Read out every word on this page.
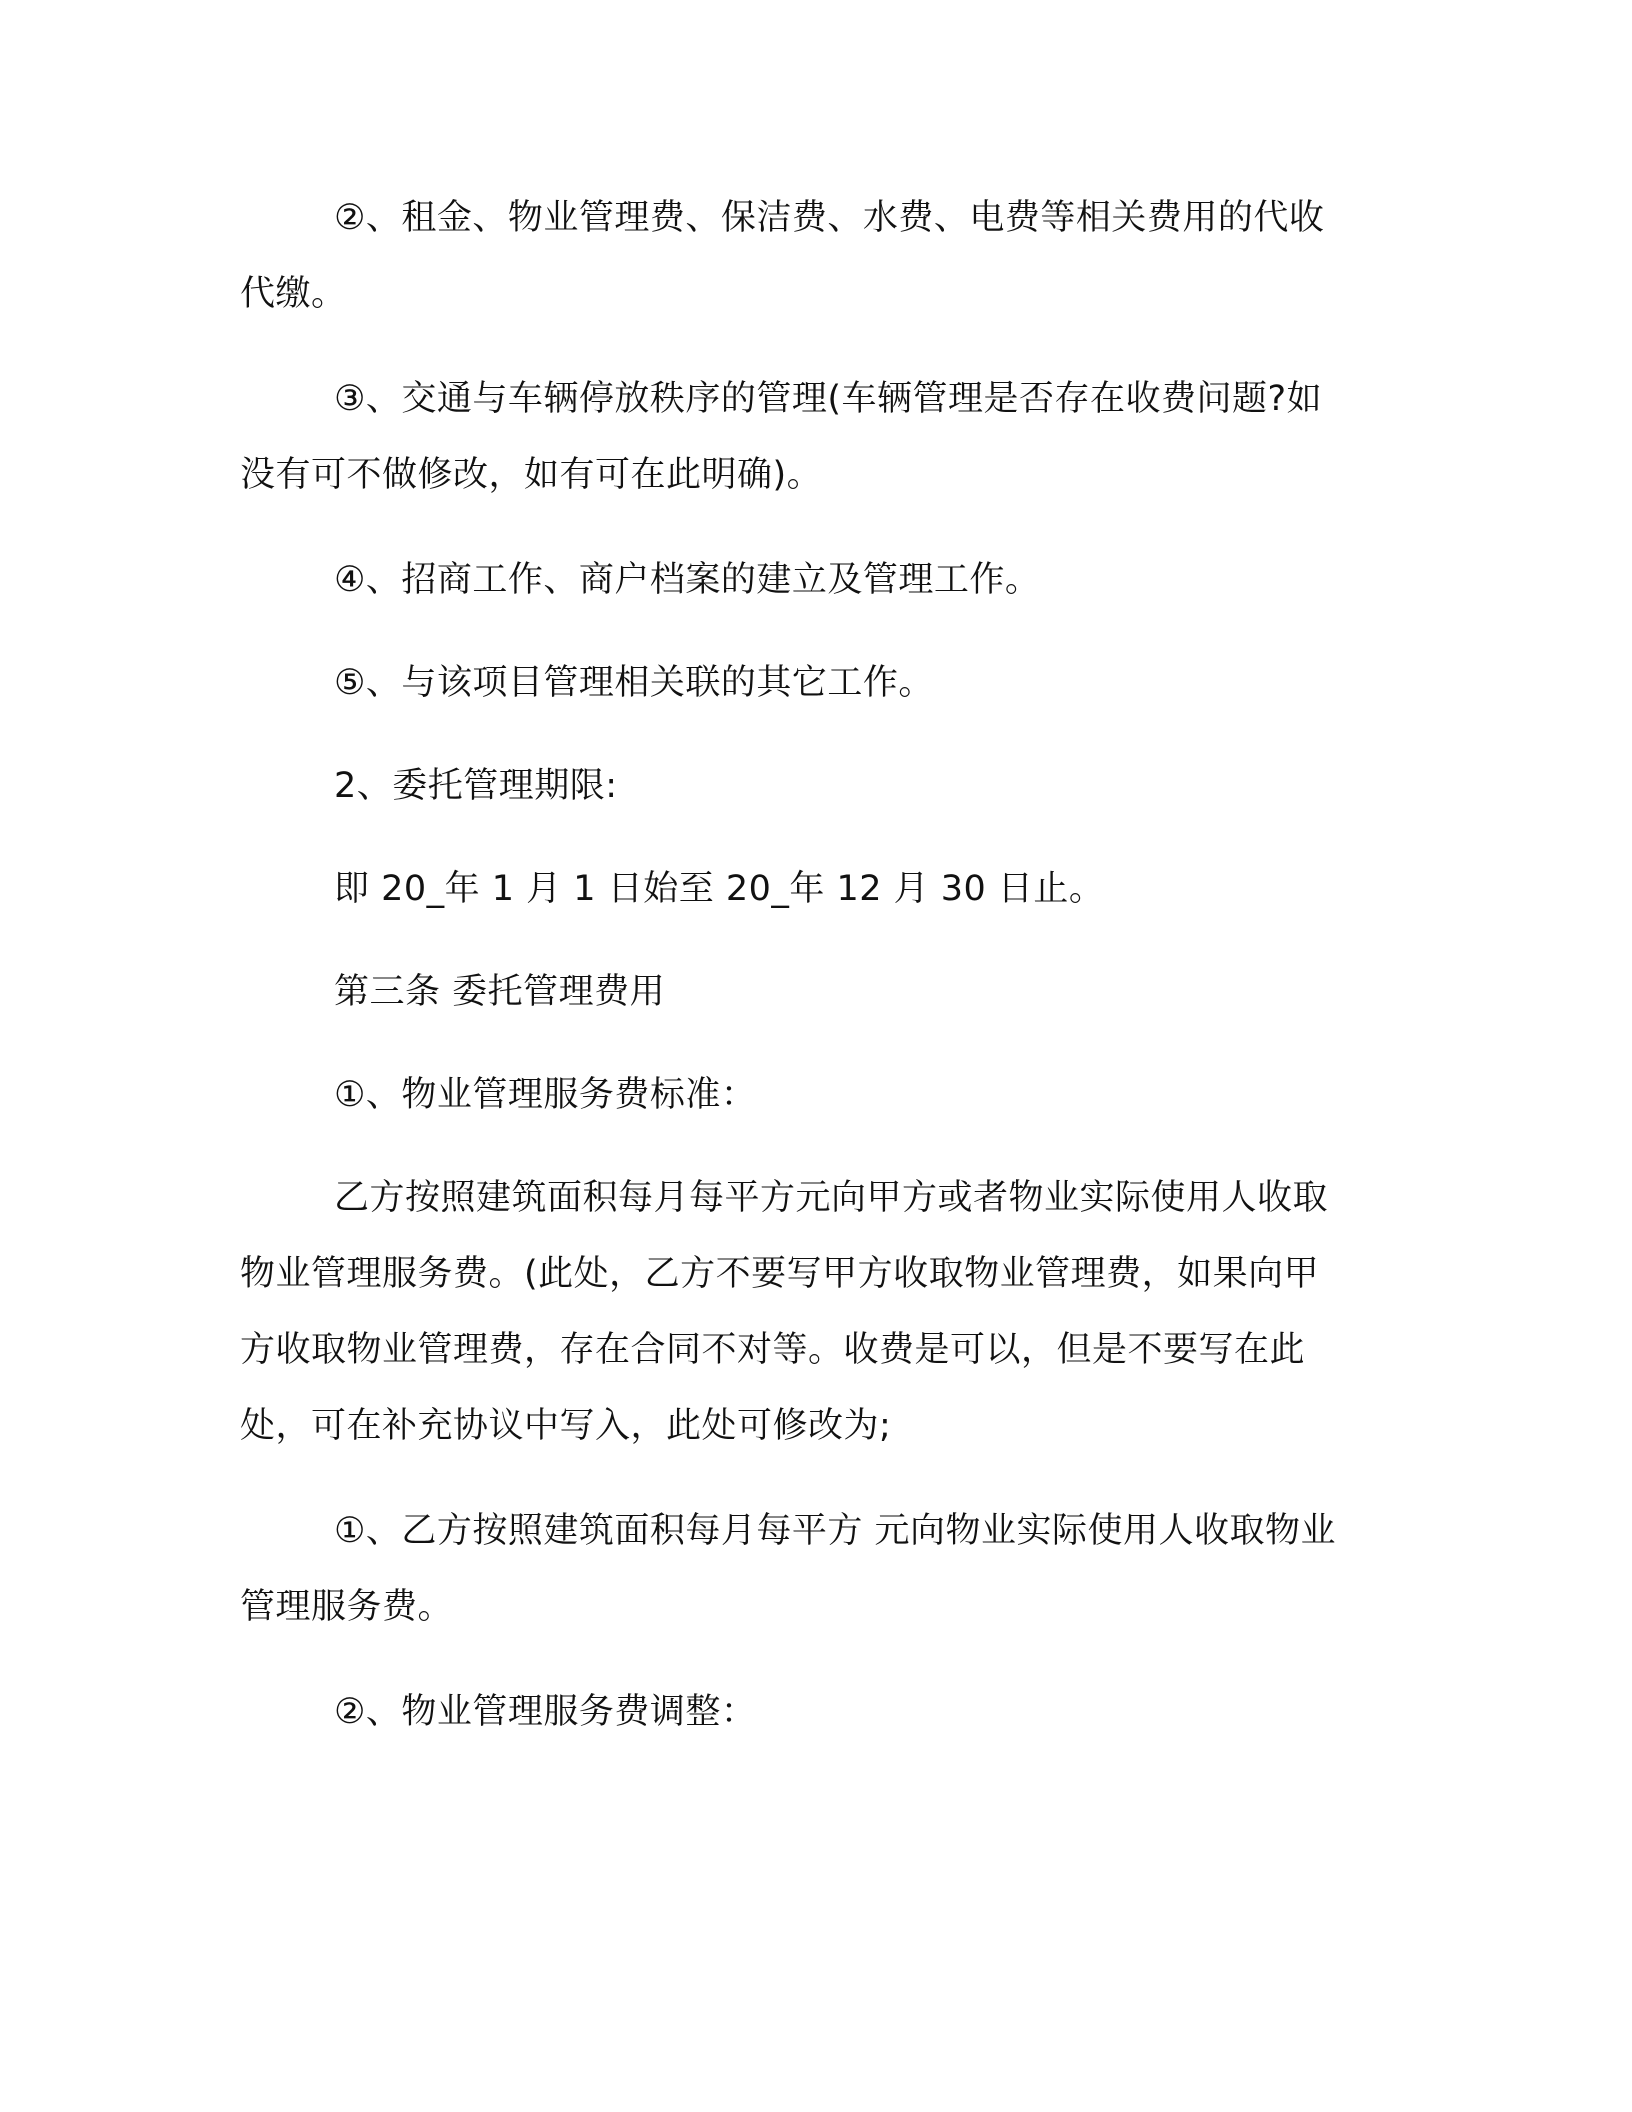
②、租金、物业管理费、保洁费、水费、电费等相关费用的代收
代缴。
③、交通与车辆停放秩序的管理(车辆管理是否存在收费问题?如
没有可不做修改，如有可在此明确)。
④、招商工作、商户档案的建立及管理工作。
⑤、与该项目管理相关联的其它工作。
2、委托管理期限:
即 20_年 1 月 1 日始至 20_年 12 月 30 日止。
第三条 委托管理费用
①、物业管理服务费标准：
乙方按照建筑面积每月每平方元向甲方或者物业实际使用人收取
物业管理服务费。(此处，乙方不要写甲方收取物业管理费，如果向甲
方收取物业管理费，存在合同不对等。收费是可以，但是不要写在此
处，可在补充协议中写入，此处可修改为;
①、乙方按照建筑面积每月每平方 元向物业实际使用人收取物业
管理服务费。
②、物业管理服务费调整：
